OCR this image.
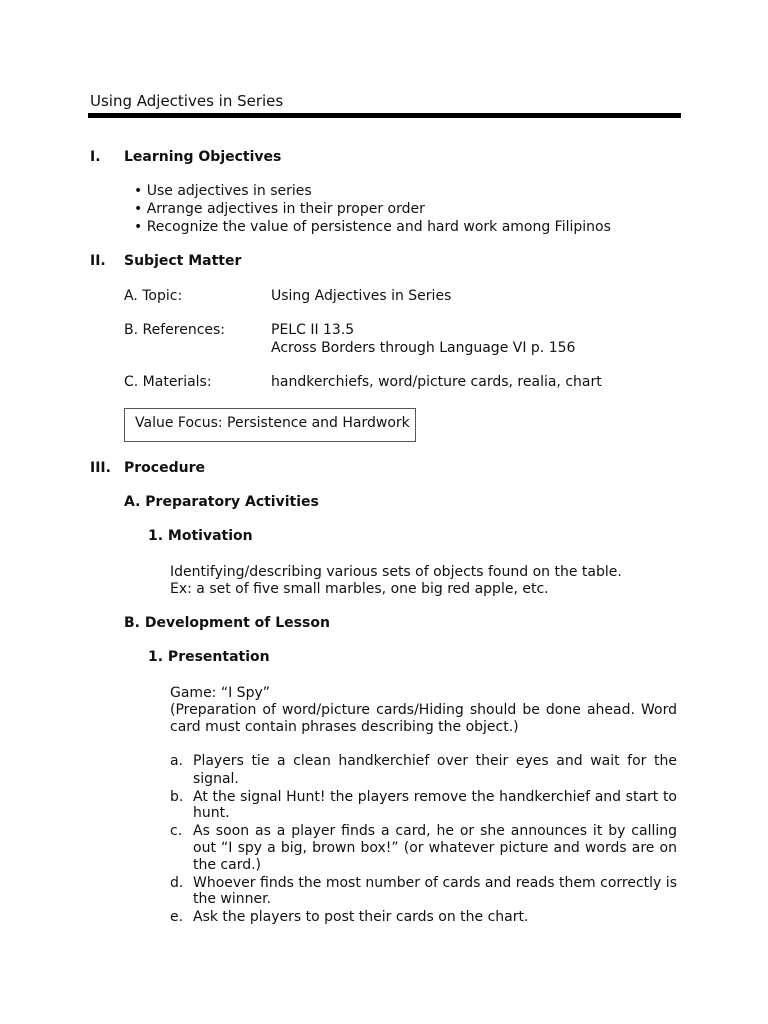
Using Adjectives in Series
I. Learning Objectives
• Use adjectives in series
• Arrange adjectives in their proper order
• Recognize the value of persistence and hard work among Filipinos
II. Subject Matter
A. Topic:	Using Adjectives in Series
B. References:	PELC II 13.5
Across Borders through Language VI p. 156
C. Materials:	handkerchiefs, word/picture cards, realia, chart
Value Focus: Persistence and Hardwork
III. Procedure
A. Preparatory Activities
1. Motivation
Identifying/describing various sets of objects found on the table.
Ex: a set of five small marbles, one big red apple, etc.
B. Development of Lesson
1. Presentation
Game: “I Spy”
(Preparation of word/picture cards/Hiding should be done ahead. Word
card must contain phrases describing the object.)
a. Players tie a clean handkerchief over their eyes and wait for the
signal.
b. At the signal Hunt! the players remove the handkerchief and start to
hunt.
c. As soon as a player finds a card, he or she announces it by calling
out “I spy a big, brown box!” (or whatever picture and words are on
the card.)
d. Whoever finds the most number of cards and reads them correctly is
the winner.
e. Ask the players to post their cards on the chart.
